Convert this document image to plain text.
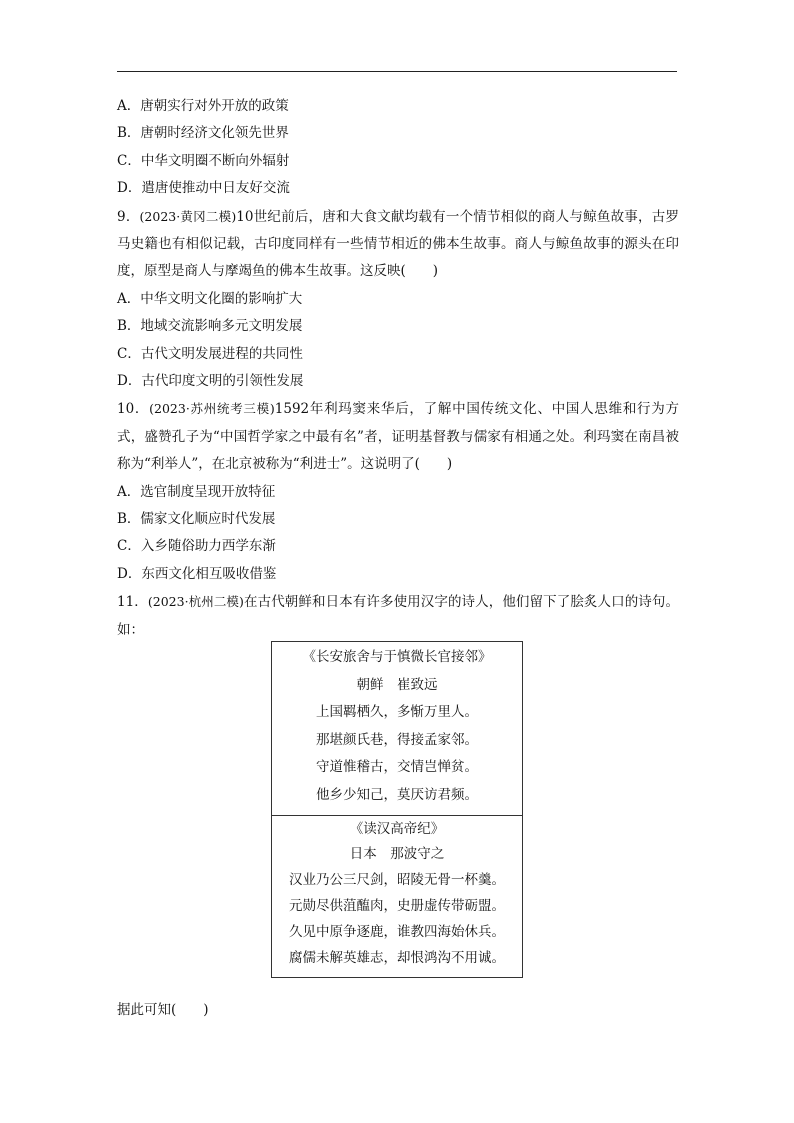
A．唐朝实行对外开放的政策
B．唐朝时经济文化领先世界
C．中华文明圈不断向外辐射
D．遣唐使推动中日友好交流
9．(2023·黄冈二模)10世纪前后，唐和大食文献均载有一个情节相似的商人与鲸鱼故事，古罗马史籍也有相似记载，古印度同样有一些情节相近的佛本生故事。商人与鲸鱼故事的源头在印度，原型是商人与摩竭鱼的佛本生故事。这反映(　　)
A．中华文明文化圈的影响扩大
B．地域交流影响多元文明发展
C．古代文明发展进程的共同性
D．古代印度文明的引领性发展
10．(2023·苏州统考三模)1592年利玛窦来华后，了解中国传统文化、中国人思维和行为方式，盛赞孔子为“中国哲学家之中最有名”者，证明基督教与儒家有相通之处。利玛窦在南昌被称为“利举人”，在北京被称为“利进士”。这说明了(　　)
A．选官制度呈现开放特征
B．儒家文化顺应时代发展
C．入乡随俗助力西学东渐
D．东西文化相互吸收借鉴
11．(2023·杭州二模)在古代朝鲜和日本有许多使用汉字的诗人，他们留下了脍炙人口的诗句。如：
《长安旅舍与于慎微长官接邻》
朝鲜　崔致远
上国羁栖久，多惭万里人。
那堪颜氏巷，得接孟家邻。
守道惟稽古，交情岂惮贫。
他乡少知己，莫厌访君频。
《读汉高帝纪》
日本　那波守之
汉业乃公三尺剑，昭陵无骨一杯羹。
元勋尽供菹醢肉，史册虚传带砺盟。
久见中原争逐鹿，谁教四海始休兵。
腐儒未解英雄志，却恨鸿沟不用诚。
据此可知(　　)
